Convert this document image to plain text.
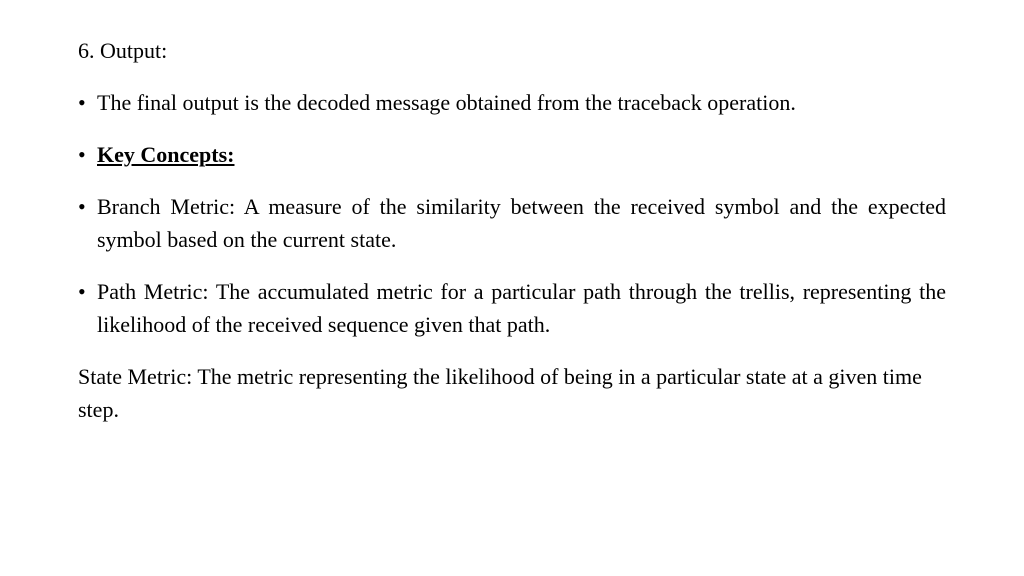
6. Output:
• The final output is the decoded message obtained from the traceback operation.
• Key Concepts:
• Branch Metric: A measure of the similarity between the received symbol and the expected symbol based on the current state.
• Path Metric: The accumulated metric for a particular path through the trellis, representing the likelihood of the received sequence given that path.

State Metric: The metric representing the likelihood of being in a particular state at a given time step.
